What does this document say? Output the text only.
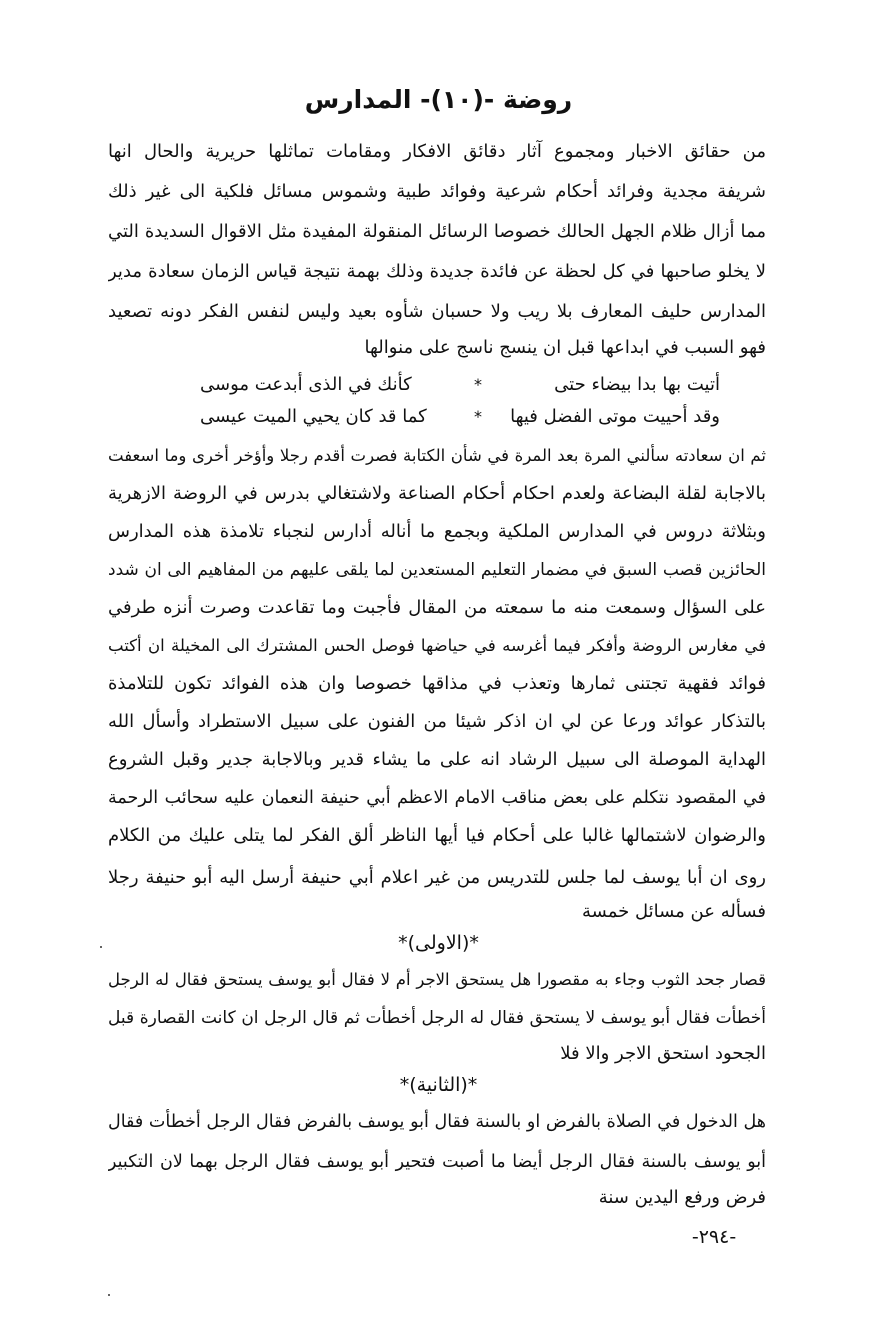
روضة -(١٠)- المدارس
من حقائق الاخبار ومجموع آثار دقائق الافكار ومقامات تماثلها حريرية والحال انها
شريفة مجدية وفرائد أحكام شرعية وفوائد طبية وشموس مسائل فلكية الى غير ذلك
مما أزال ظلام الجهل الحالك خصوصا الرسائل المنقولة المفيدة مثل الاقوال السديدة التي
لا يخلو صاحبها في كل لحظة عن فائدة جديدة وذلك بهمة نتيجة قياس الزمان سعادة مدير
المدارس حليف المعارف بلا ريب ولا حسبان شأوه بعيد وليس لنفس الفكر دونه تصعيد
فهو السبب في ابداعها قبل ان ينسج ناسج على منوالها
أتيت بها بدا بيضاء حتى
*
كأنك في الذى أبدعت موسى
وقد أحييت موتى الفضل فيها
*
كما قد كان يحيي الميت عيسى
ثم ان سعادته سألني المرة بعد المرة في شأن الكتابة فصرت أقدم رجلا وأؤخر أخرى وما اسعفت
بالاجابة لقلة البضاعة ولعدم احكام أحكام الصناعة ولاشتغالي بدرس في الروضة الازهرية
وبثلاثة دروس في المدارس الملكية وبجمع ما أناله أدارس لنجباء تلامذة هذه المدارس
الحائزين قصب السبق في مضمار التعليم المستعدين لما يلقى عليهم من المفاهيم الى ان شدد
على السؤال وسمعت منه ما سمعته من المقال فأجبت وما تقاعدت وصرت أنزه طرفي
في مغارس الروضة وأفكر فيما أغرسه في حياضها فوصل الحس المشترك الى المخيلة ان أكتب
فوائد فقهية تجتنى ثمارها وتعذب في مذاقها خصوصا وان هذه الفوائد تكون للتلامذة
بالتذكار عوائد ورعا عن لي ان اذكر شيئا من الفنون على سبيل الاستطراد وأسأل الله
الهداية الموصلة الى سبيل الرشاد انه على ما يشاء قدير وبالاجابة جدير وقبل الشروع
في المقصود نتكلم على بعض مناقب الامام الاعظم أبي حنيفة النعمان عليه سحائب الرحمة
والرضوان لاشتمالها غالبا على أحكام فيا أيها الناظر ألق الفكر لما يتلى عليك من الكلام
روى ان أبا يوسف لما جلس للتدريس من غير اعلام أبي حنيفة أرسل اليه أبو حنيفة رجلا
فسأله عن مسائل خمسة
*(الاولى)*
قصار جحد الثوب وجاء به مقصورا هل يستحق الاجر أم لا فقال أبو يوسف يستحق فقال له الرجل
أخطأت فقال أبو يوسف لا يستحق فقال له الرجل أخطأت ثم قال الرجل ان كانت القصارة قبل
الجحود استحق الاجر والا فلا
*(الثانية)*
هل الدخول في الصلاة بالفرض او بالسنة فقال أبو يوسف بالفرض فقال الرجل أخطأت فقال
أبو يوسف بالسنة فقال الرجل أيضا ما أصبت فتحير أبو يوسف فقال الرجل بهما لان التكبير
فرض ورفع اليدين سنة
-٢٩٤-
